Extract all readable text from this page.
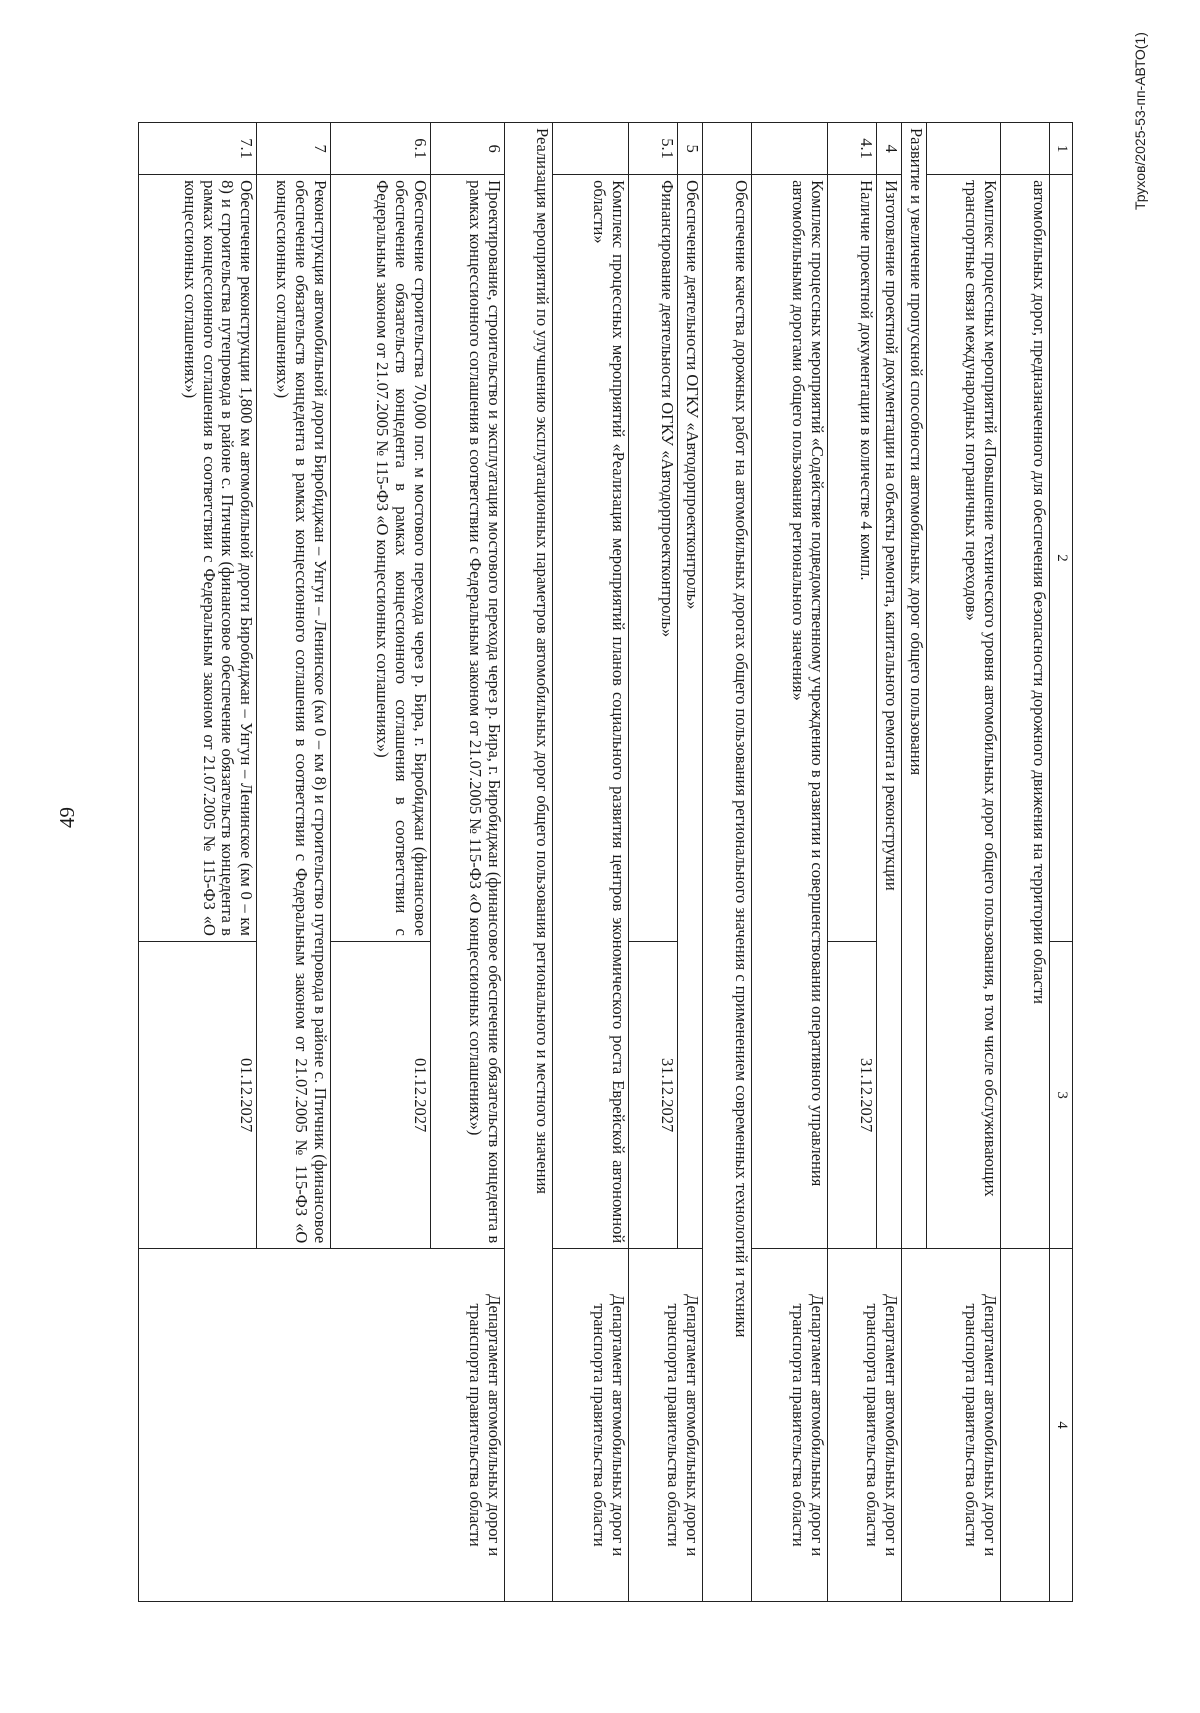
49
Трухов/2025-53-пп-АВТО(1)
1	2	3	4
	автомобильных дорог, предназначенного для обеспечения безопасности дорожного движения на территории области		
	Комплекс процессных мероприятий «Повышение технического уровня автомобильных дорог общего пользования, в том числе обслуживающих транспортные связи международных пограничных переходов»		Департамент автомобильных дорог и транспорта правительства области
Развитие и увеличение пропускной способности автомобильных дорог общего пользования			
4	Изготовление проектной документации на объекты ремонта, капитального ремонта и реконструкции		Департамент автомобильных дорог и транспорта правительства области
4.1	Наличие проектной документации в количестве 4 компл.	31.12.2027	
	Комплекс процессных мероприятий «Содействие подведомственному учреждению в развитии и совершенствовании оперативного управления автомобильными дорогами общего пользования регионального значения»		Департамент автомобильных дорог и транспорта правительства области
	Обеспечение качества дорожных работ на автомобильных дорогах общего пользования регионального значения с применением современных технологий и техники		
5	Обеспечение деятельности ОГКУ «Автодорпроектконтроль»		Департамент автомобильных дорог и транспорта правительства области
5.1	Финансирование деятельности ОГКУ «Автодорпроектконтроль»	31.12.2027	
	Комплекс процессных мероприятий «Реализация мероприятий планов социального развития центров экономического роста Еврейской автономной области»		Департамент автомобильных дорог и транспорта правительства области
Реализация мероприятий по улучшению эксплуатационных параметров автомобильных дорог общего пользования регионального и местного значения			
6	Проектирование, строительство и эксплуатация мостового перехода через р. Бира, г. Биробиджан (финансовое обеспечение обязательств концедента в рамках концессионного соглашения в соответствии с Федеральным законом от 21.07.2005 № 115-ФЗ «О концессионных соглашениях»)		Департамент автомобильных дорог и транспорта правительства области
6.1	Обеспечение строительства 70,000 пог. м мостового перехода через р. Бира, г. Биробиджан (финансовое обеспечение обязательств концедента в рамках концессионного соглашения в соответствии с Федеральным законом от 21.07.2005 № 115-ФЗ «О концессионных соглашениях»)	01.12.2027	
7	Реконструкция автомобильной дороги Биробиджан – Унгун – Ленинское (км 0 – км 8) и строительство путепровода в районе с. Птичник (финансовое обеспечение обязательств концедента в рамках концессионного соглашения в соответствии с Федеральным законом от 21.07.2005 № 115-ФЗ «О концессионных соглашениях»)		
7.1	Обеспечение реконструкции 1,800 км автомобильной дороги Биробиджан – Унгун – Ленинское (км 0 – км 8) и строительства путепровода в районе с. Птичник (финансовое обеспечение обязательств концедента в рамках концессионного соглашения в соответствии с Федеральным законом от 21.07.2005 № 115-ФЗ «О концессионных соглашениях»)	01.12.2027	
